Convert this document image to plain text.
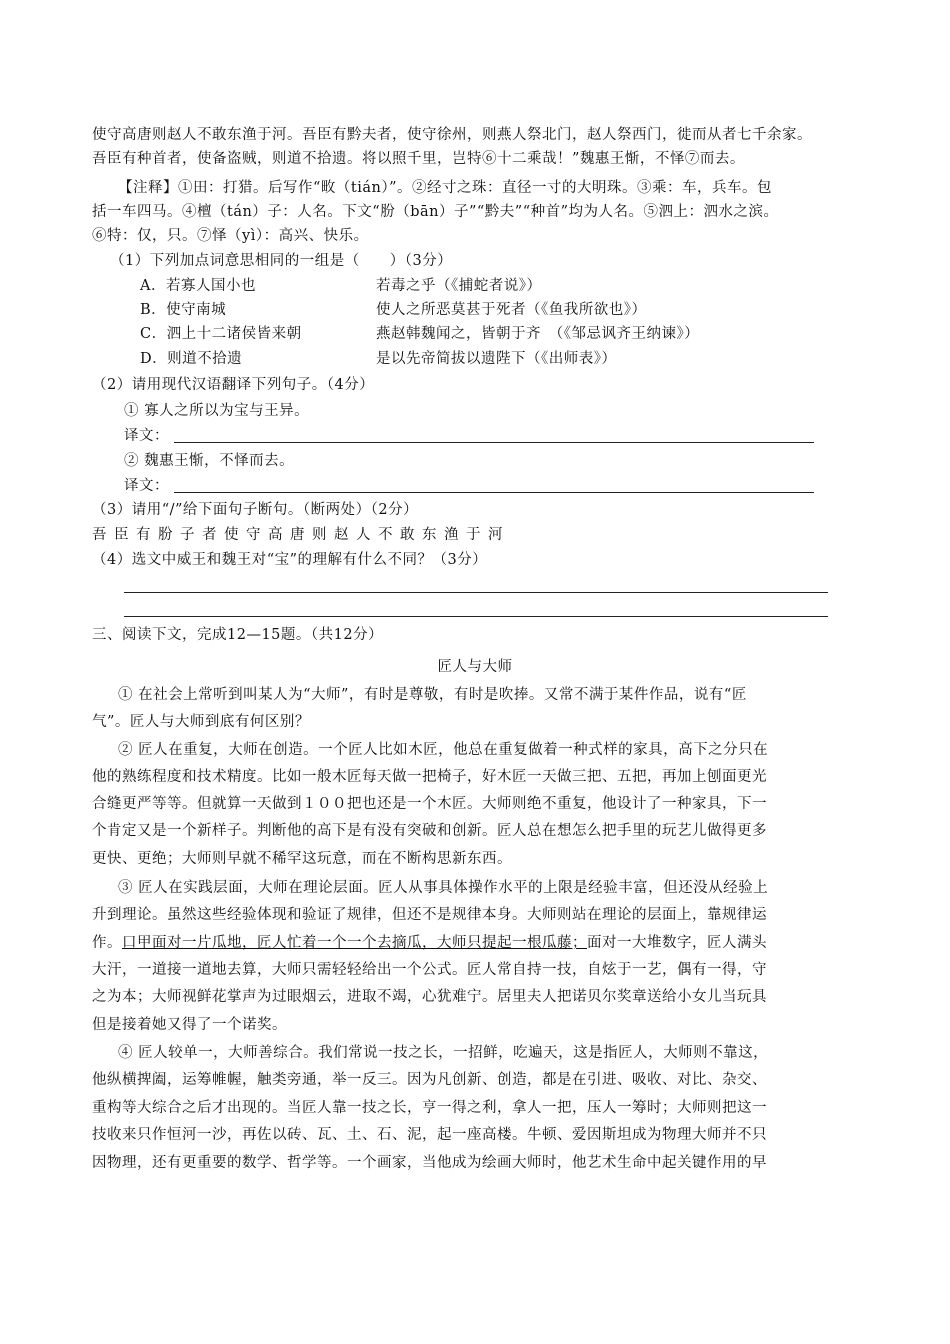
使守高唐则赵人不敢东渔于河。吾臣有黔夫者，使守徐州，则燕人祭北门，赵人祭西门，徙而从者七千余家。
吾臣有种首者，使备盗贼，则道不拾遗。将以照千里，岂特⑥十二乘哉！”魏惠王惭，不怿⑦而去。
【注释】①田：打猎。后写作“畋（tián）”。②经寸之珠：直径一寸的大明珠。③乘：车，兵车。包
括一车四马。④檀（tán）子：人名。下文“肦（bān）子”“黔夫”“种首”均为人名。⑤泗上：泗水之滨。
⑥特：仅，只。⑦怿（yì）：高兴、快乐。
（1）下列加点词意思相同的一组是（　　）（3分）
A．若寡人国小也	若毒之乎（《捕蛇者说》）
B．使守南城	使人之所恶莫甚于死者（《鱼我所欲也》）
C．泗上十二诸侯皆来朝	燕赵韩魏闻之，皆朝于齐　（《邹忌讽齐王纳谏》）
D．则道不拾遗	是以先帝简拔以遗陛下（《出师表》）
（2）请用现代汉语翻译下列句子。（4分）
① 寡人之所以为宝与王异。
译文：
② 魏惠王惭，不怿而去。
译文：
（3）请用“/”给下面句子断句。（断两处）（2分）
吾臣有肦子者使守高唐则赵人不敢东渔于河
（4）选文中威王和魏王对“宝”的理解有什么不同？（3分）
三、阅读下文，完成12—15题。（共12分）
匠人与大师
① 在社会上常听到叫某人为“大师”，有时是尊敬，有时是吹捧。又常不满于某件作品，说有“匠
气”。匠人与大师到底有何区别？
② 匠人在重复，大师在创造。一个匠人比如木匠，他总在重复做着一种式样的家具，高下之分只在
他的熟练程度和技术精度。比如一般木匠每天做一把椅子，好木匠一天做三把、五把，再加上刨面更光
合缝更严等等。但就算一天做到１００把也还是一个木匠。大师则绝不重复，他设计了一种家具，下一
个肯定又是一个新样子。判断他的高下是有没有突破和创新。匠人总在想怎么把手里的玩艺儿做得更多
更快、更绝；大师则早就不稀罕这玩意，而在不断构思新东西。
③ 匠人在实践层面，大师在理论层面。匠人从事具体操作水平的上限是经验丰富，但还没从经验上
升到理论。虽然这些经验体现和验证了规律，但还不是规律本身。大师则站在理论的层面上，靠规律运
作。口甲面对一片瓜地，匠人忙着一个一个去摘瓜，大师只提起一根瓜藤；面对一大堆数字，匠人满头
大汗，一道接一道地去算，大师只需轻轻给出一个公式。匠人常自持一技，自炫于一艺，偶有一得，守
之为本；大师视鲜花掌声为过眼烟云，进取不竭，心犹难宁。居里夫人把诺贝尔奖章送给小女儿当玩具
但是接着她又得了一个诺奖。
④ 匠人较单一，大师善综合。我们常说一技之长，一招鲜，吃遍天，这是指匠人，大师则不靠这，
他纵横捭阖，运筹帷幄，触类旁通，举一反三。因为凡创新、创造，都是在引进、吸收、对比、杂交、
重构等大综合之后才出现的。当匠人靠一技之长，亨一得之利，拿人一把，压人一筹时；大师则把这一
技收来只作恒河一沙，再佐以砖、瓦、土、石、泥，起一座高楼。牛顿、爱因斯坦成为物理大师并不只
因物理，还有更重要的数学、哲学等。一个画家，当他成为绘画大师时，他艺术生命中起关键作用的早
